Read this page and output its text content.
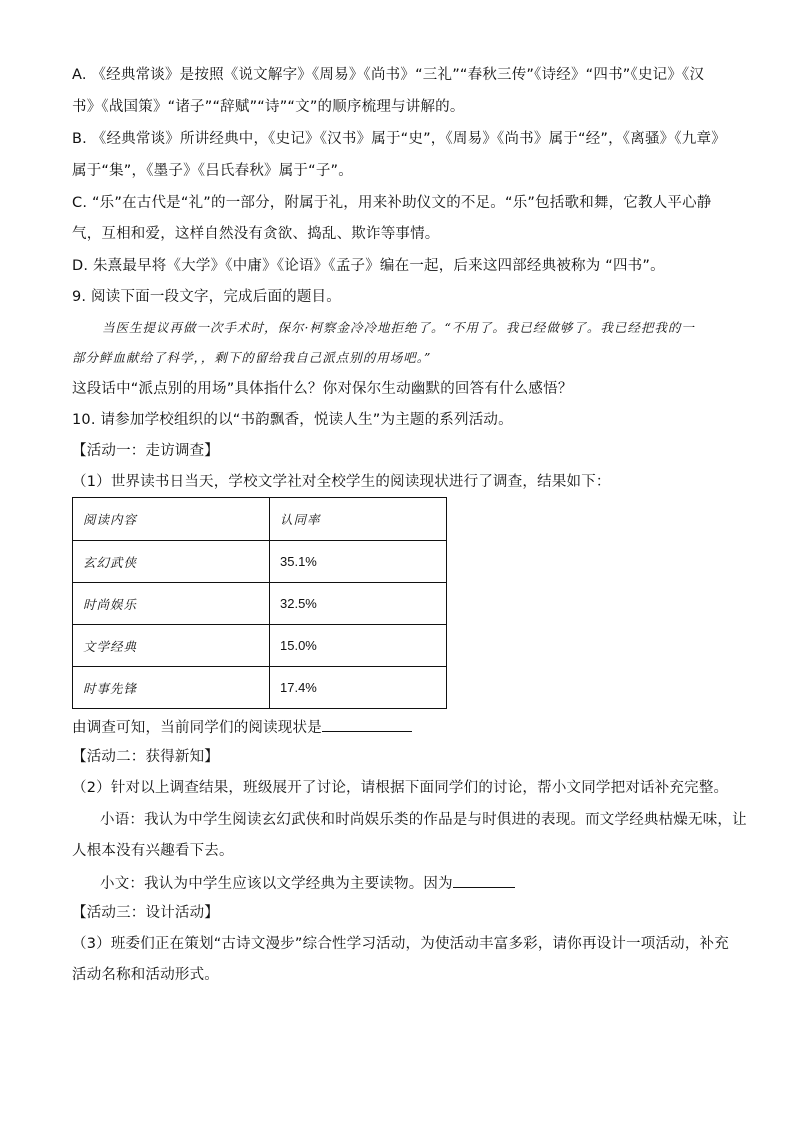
A. 《经典常谈》是按照《说文解字》《周易》《尚书》“三礼”“春秋三传”《诗经》“四书”《史记》《汉
书》《战国策》“诸子”“辞赋”“诗”“文”的顺序梳理与讲解的。
B. 《经典常谈》所讲经典中，《史记》《汉书》属于“史”，《周易》《尚书》属于“经”，《离骚》《九章》
属于“集”，《墨子》《吕氏春秋》属于“子”。
C. “乐”在古代是“礼”的一部分，附属于礼，用来补助仪文的不足。“乐”包括歌和舞，它教人平心静
气，互相和爱，这样自然没有贪欲、捣乱、欺诈等事情。
D. 朱熹最早将《大学》《中庸》《论语》《孟子》编在一起，后来这四部经典被称为 “四书”。
9. 阅读下面一段文字，完成后面的题目。
当医生提议再做一次手术时，保尔·柯察金冷冷地拒绝了。“不用了。我已经做够了。我已经把我的一
部分鲜血献给了科学，，剩下的留给我自己派点别的用场吧。”
这段话中“派点别的用场”具体指什么？你对保尔生动幽默的回答有什么感悟？
10. 请参加学校组织的以“书韵飘香，悦读人生”为主题的系列活动。
【活动一：走访调查】
（1）世界读书日当天，学校文学社对全校学生的阅读现状进行了调查，结果如下：
阅读内容	认同率
玄幻武侠	35.1%
时尚娱乐	32.5%
文学经典	15.0%
时事先锋	17.4%
由调查可知，当前同学们的阅读现状是
【活动二：获得新知】
（2）针对以上调查结果，班级展开了讨论，请根据下面同学们的讨论，帮小文同学把对话补充完整。
小语：我认为中学生阅读玄幻武侠和时尚娱乐类的作品是与时俱进的表现。而文学经典枯燥无味，让
人根本没有兴趣看下去。
小文：我认为中学生应该以文学经典为主要读物。因为
【活动三：设计活动】
（3）班委们正在策划“古诗文漫步”综合性学习活动，为使活动丰富多彩，请你再设计一项活动，补充
活动名称和活动形式。
